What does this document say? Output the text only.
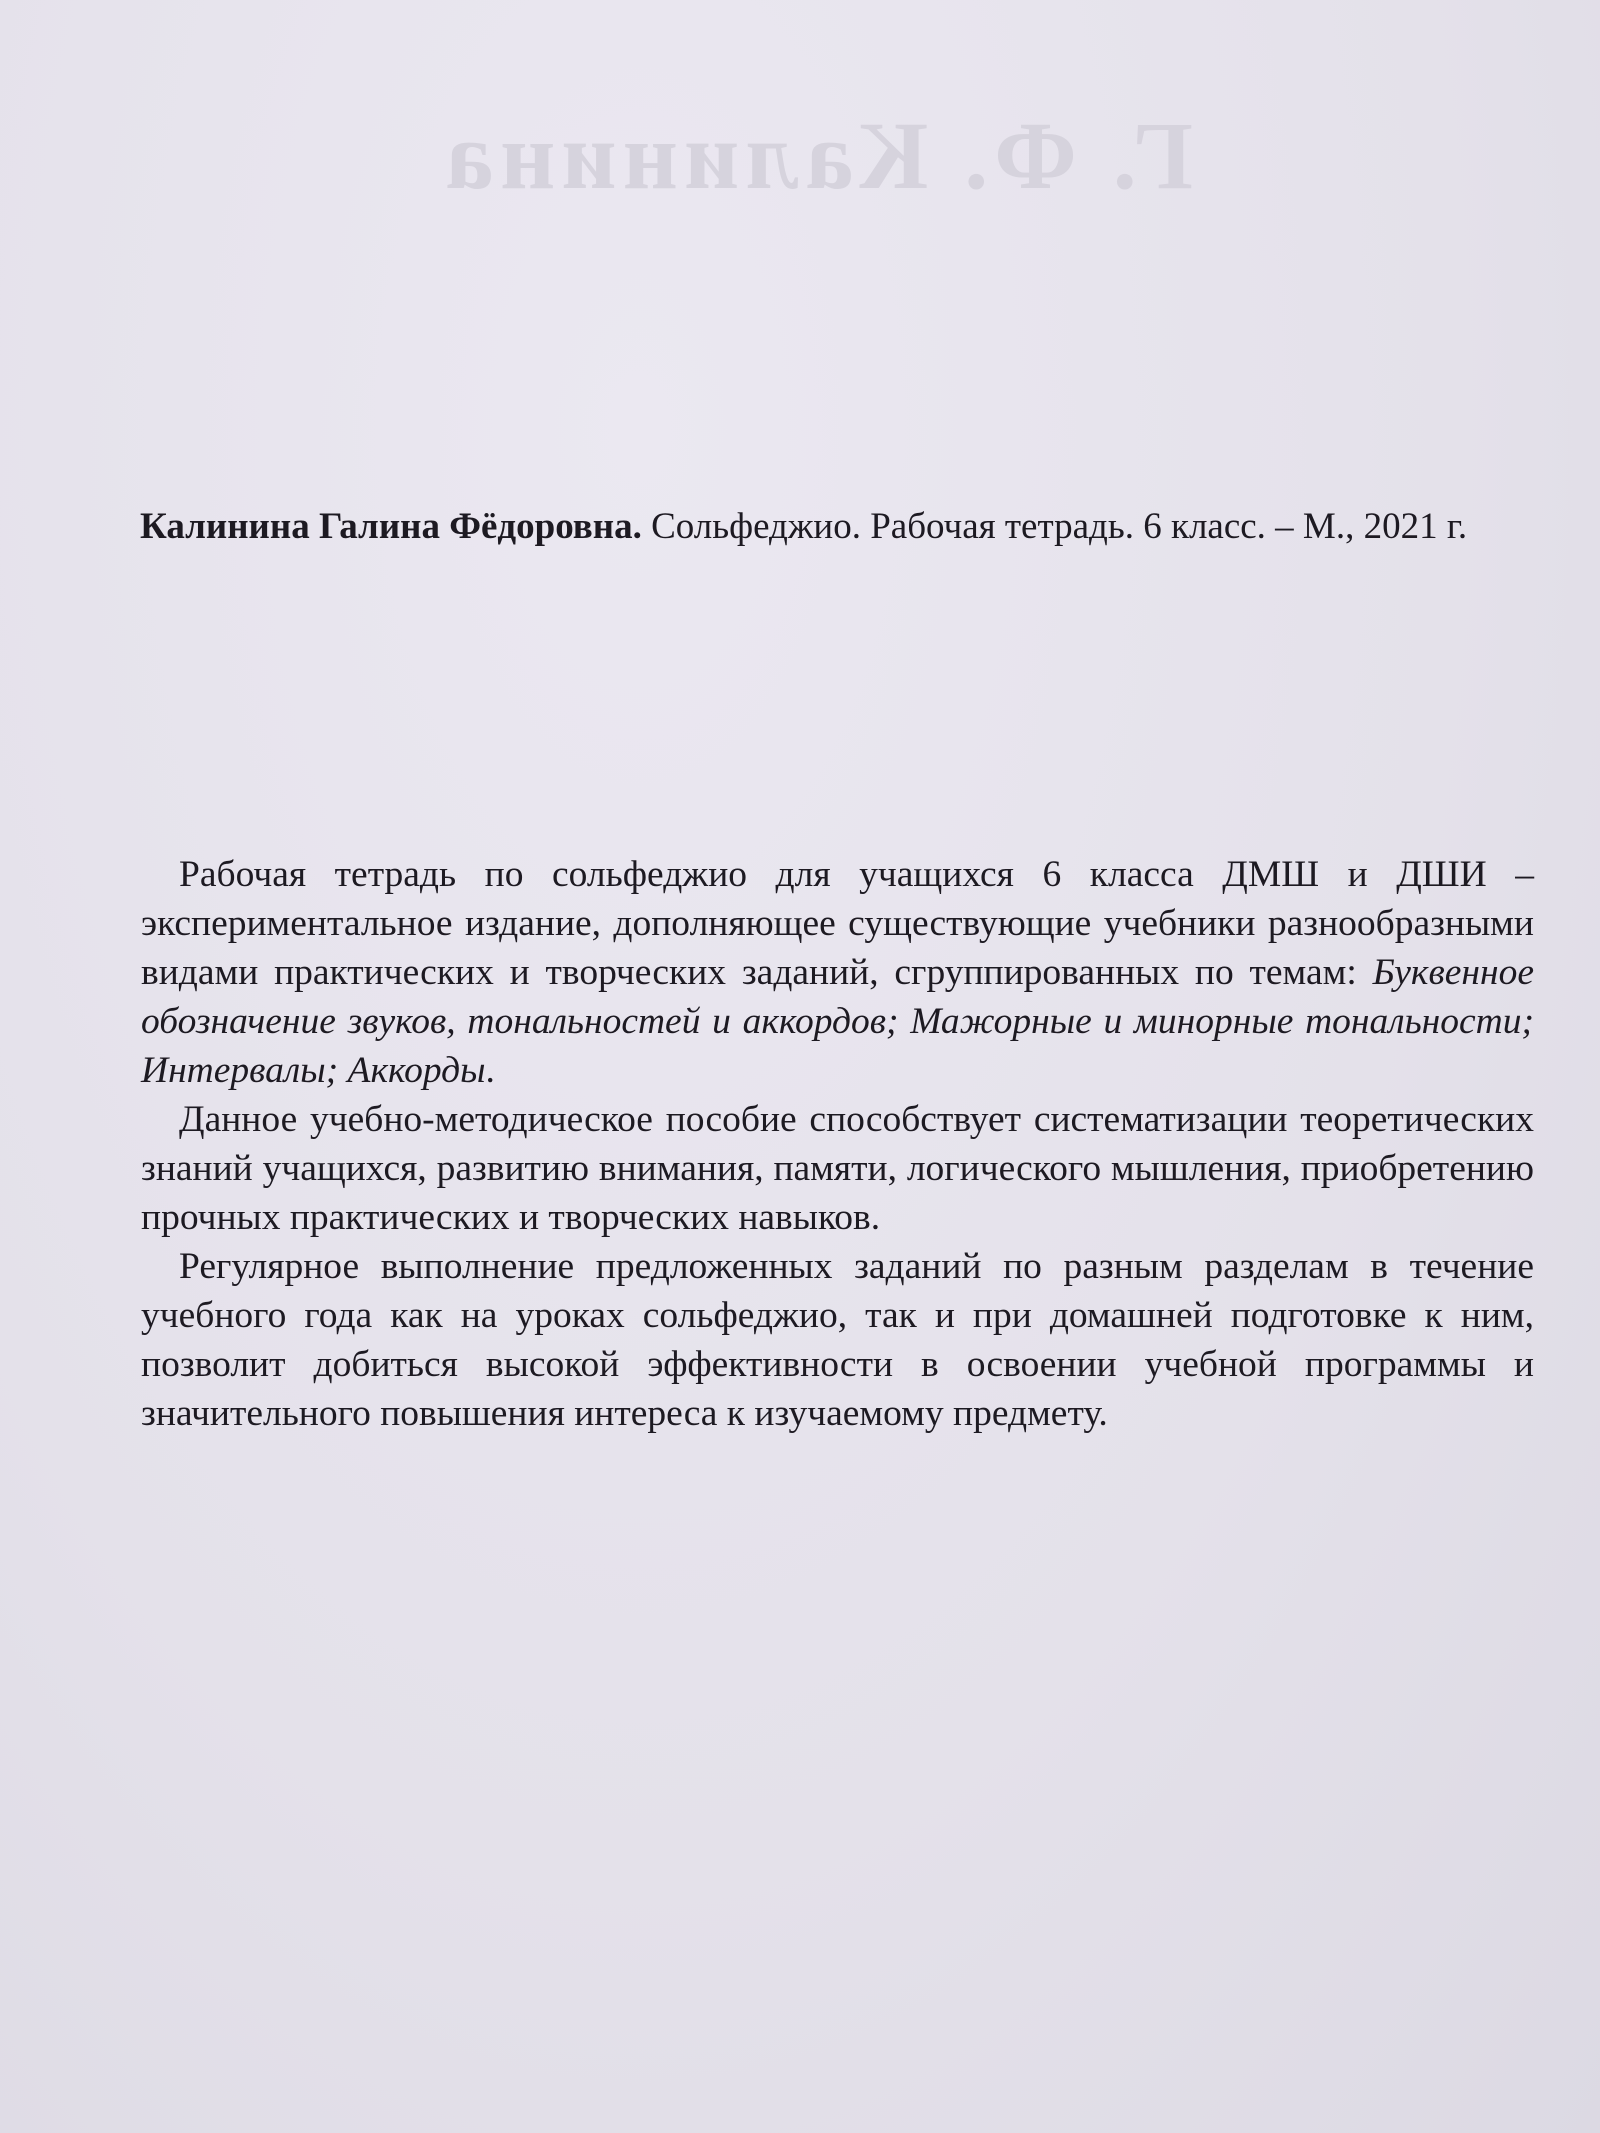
Г. Ф. Калинина
Калинина Галина Фёдоровна. Сольфеджио. Рабочая тетрадь. 6 класс. – М., 2021 г.

Рабочая тетрадь по сольфеджио для учащихся 6 класса ДМШ и ДШИ – экспериментальное издание, дополняющее существующие учебники разнообразными видами практических и творческих заданий, сгруппированных по темам: Буквенное обозначение звуков, тональностей и аккордов; Мажорные и минорные тональности; Интервалы; Аккорды.

Данное учебно-методическое пособие способствует систематизации теоретических знаний учащихся, развитию внимания, памяти, логического мышления, приобретению прочных практических и творческих навыков.

Регулярное выполнение предложенных заданий по разным разделам в течение учебного года как на уроках сольфеджио, так и при домашней подготовке к ним, позволит добиться высокой эффективности в освоении учебной программы и значительного повышения интереса к изучаемому предмету.
